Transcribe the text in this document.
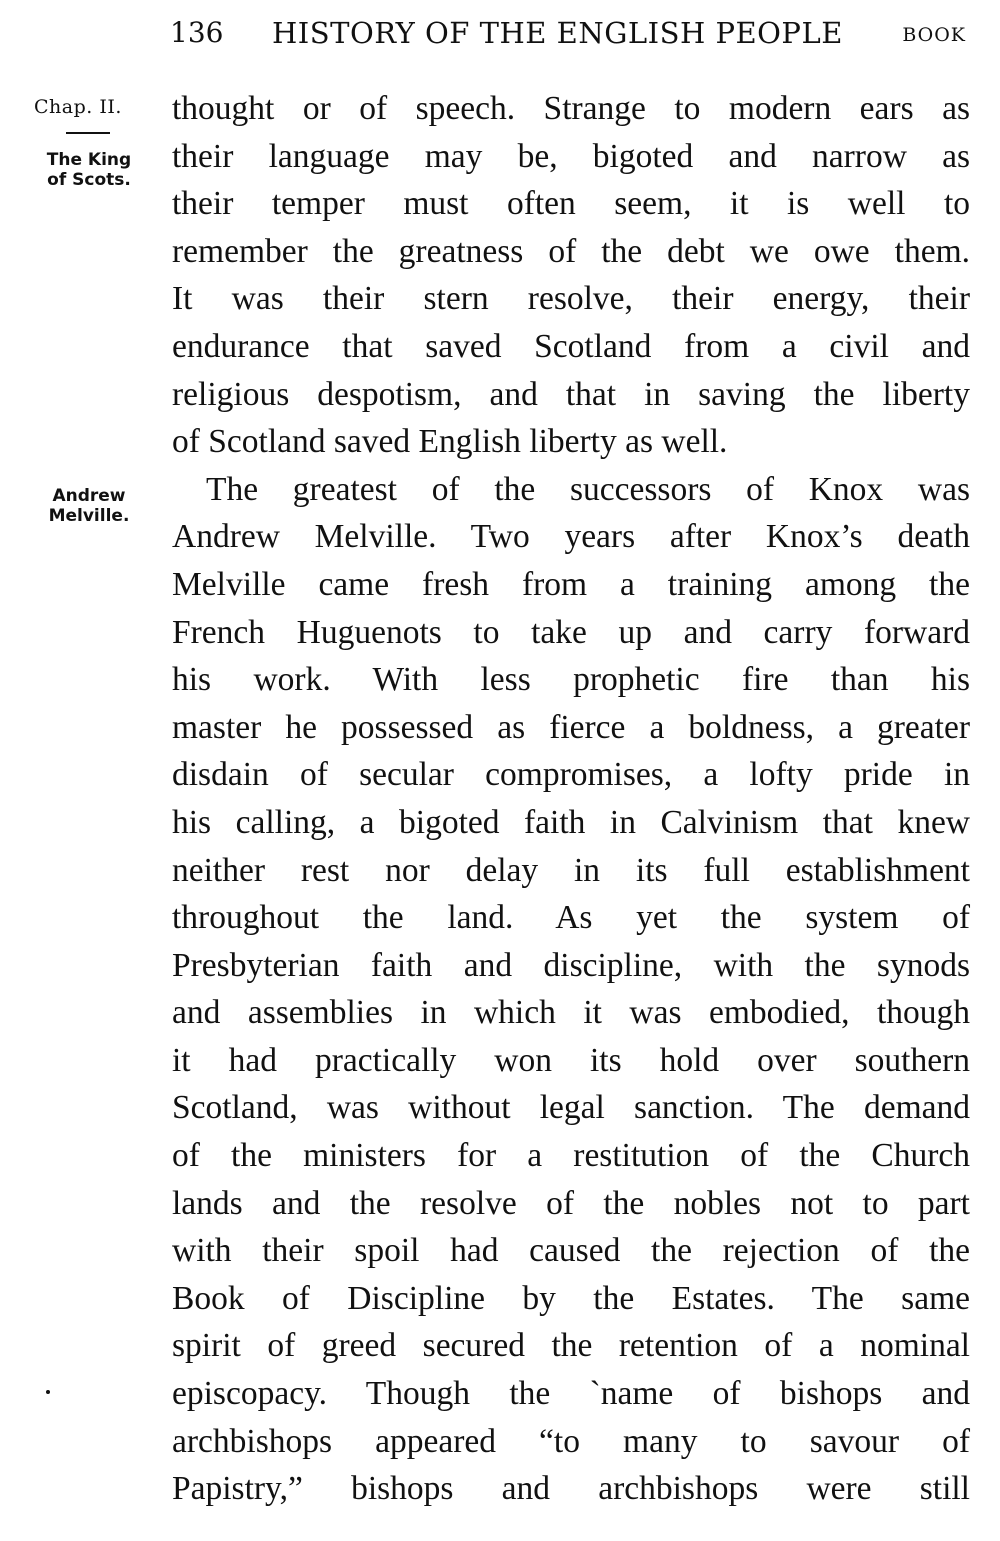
136 HISTORY OF THE ENGLISH PEOPLE	BOOK
Chap. II.
The King
of Scots.
Andrew
Melville.
thought or of speech. Strange to modern ears as
their language may be, bigoted and narrow as
their temper must often seem, it is well to
remember the greatness of the debt we owe them.
It was their stern resolve, their energy, their
endurance that saved Scotland from a civil and
religious despotism, and that in saving the liberty
of Scotland saved English liberty as well.
The greatest of the successors of Knox was
Andrew Melville. Two years after Knox’s death
Melville came fresh from a training among the
French Huguenots to take up and carry forward
his work. With less prophetic fire than his
master he possessed as fierce a boldness, a greater
disdain of secular compromises, a lofty pride in
his calling, a bigoted faith in Calvinism that knew
neither rest nor delay in its full establishment
throughout the land. As yet the system of
Presbyterian faith and discipline, with the synods
and assemblies in which it was embodied, though
it had practically won its hold over southern
Scotland, was without legal sanction. The demand
of the ministers for a restitution of the Church
lands and the resolve of the nobles not to part
with their spoil had caused the rejection of the
Book of Discipline by the Estates. The same
spirit of greed secured the retention of a nominal
episcopacy. Though the `name of bishops and
archbishops appeared “to many to savour of
Papistry,” bishops and archbishops were still
